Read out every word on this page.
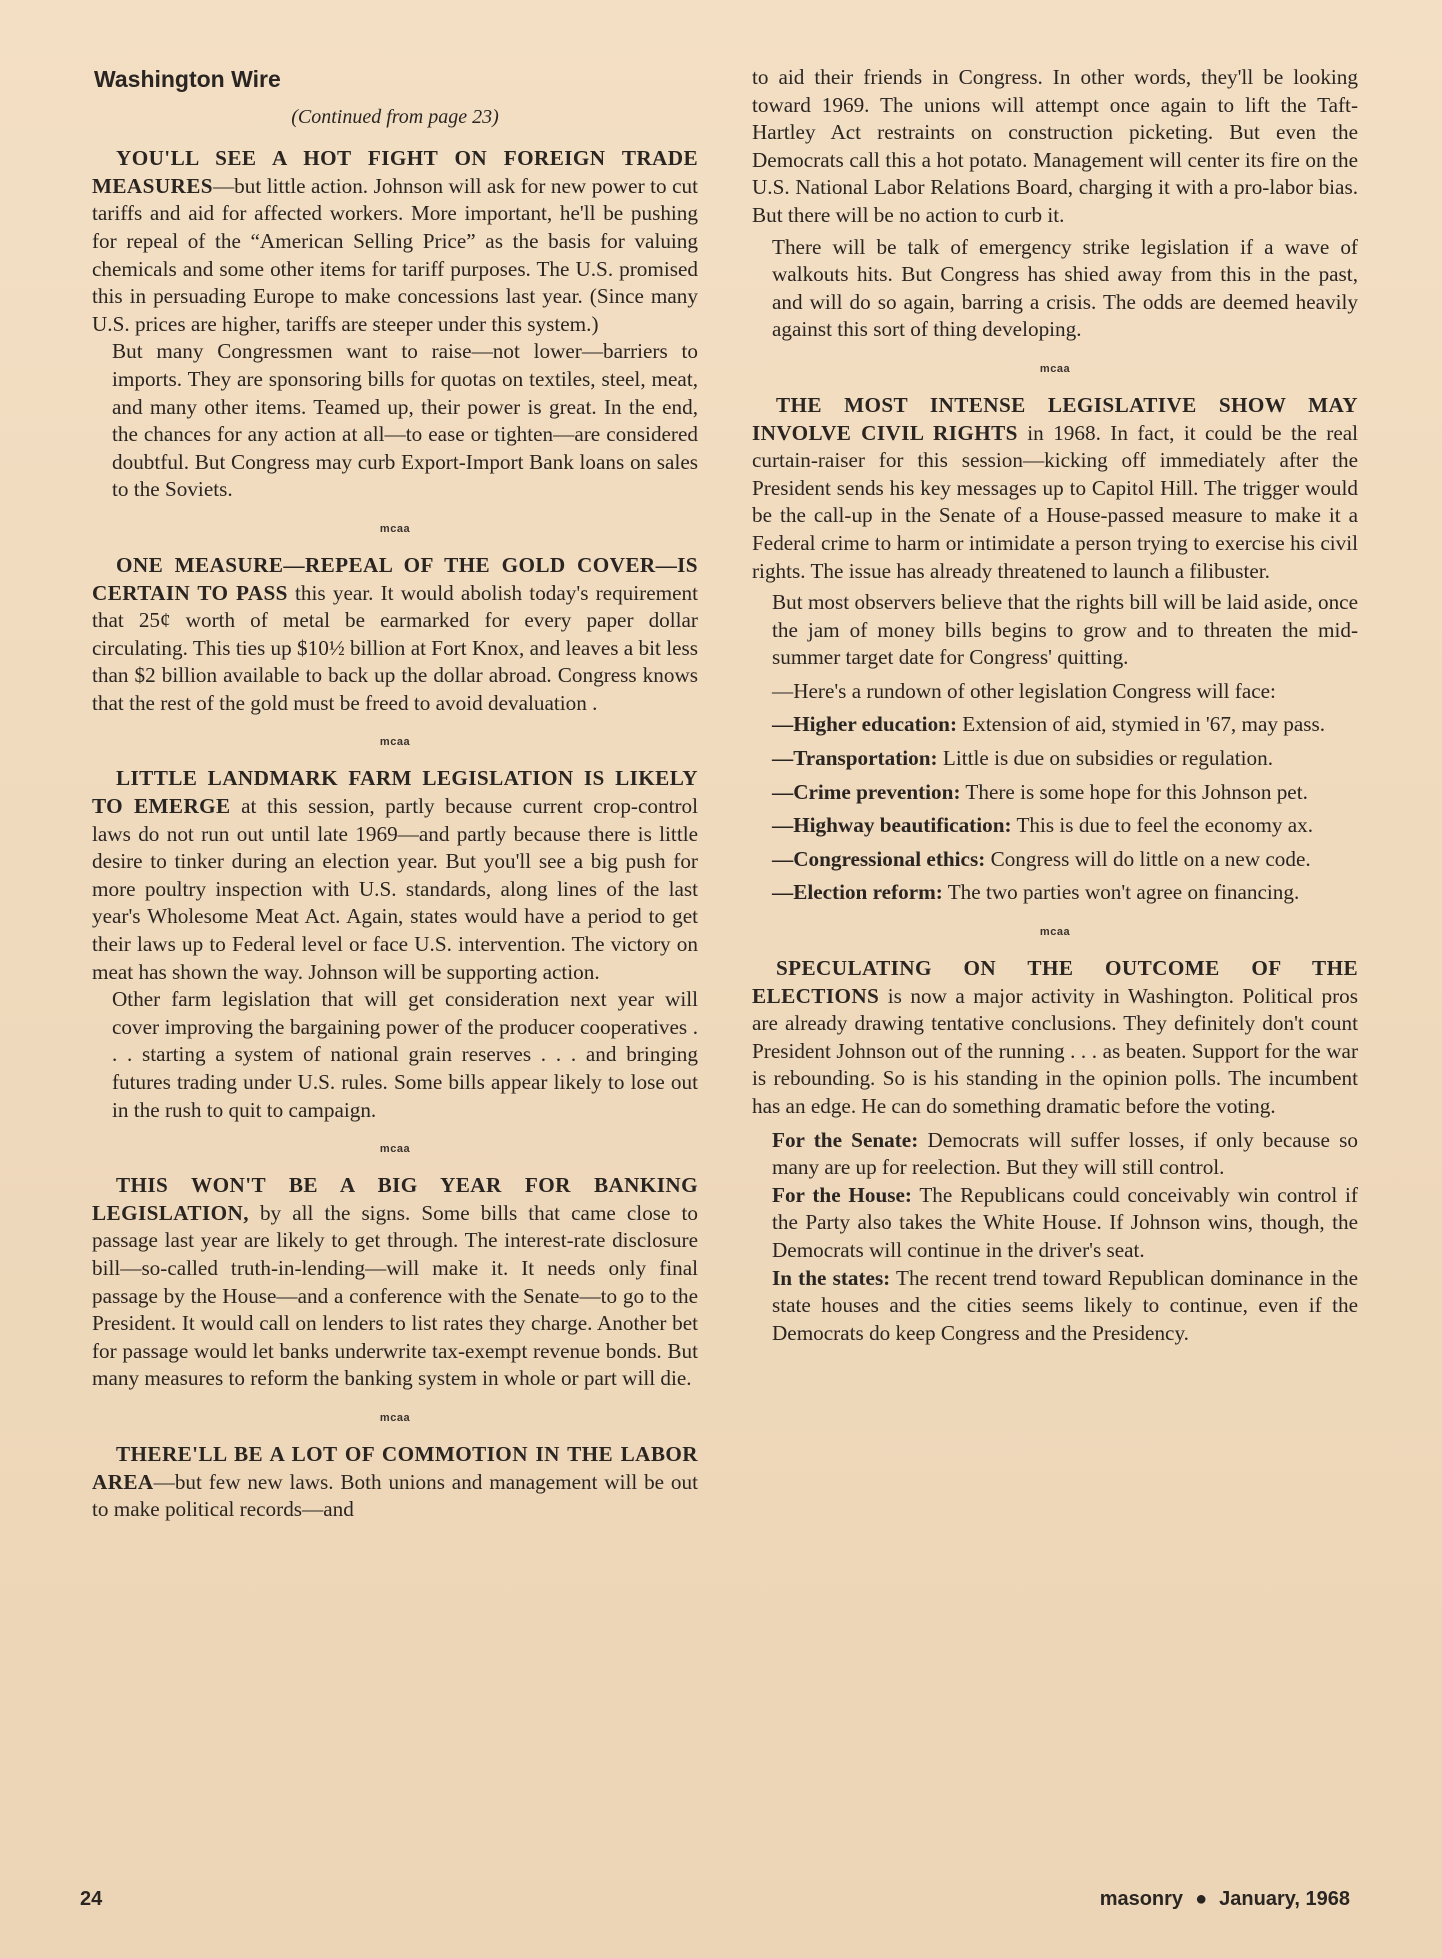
Washington Wire

(Continued from page 23)

YOU'LL SEE A HOT FIGHT ON FOREIGN TRADE MEASURES—but little action. Johnson will ask for new power to cut tariffs and aid for affected workers. More important, he'll be pushing for repeal of the “American Selling Price” as the basis for valuing chemicals and some other items for tariff purposes. The U.S. promised this in persuading Europe to make concessions last year. (Since many U.S. prices are higher, tariffs are steeper under this system.)

But many Congressmen want to raise—not lower—barriers to imports. They are sponsoring bills for quotas on textiles, steel, meat, and many other items. Teamed up, their power is great. In the end, the chances for any action at all—to ease or tighten—are considered doubtful. But Congress may curb Export-Import Bank loans on sales to the Soviets.

mcaa

ONE MEASURE—REPEAL OF THE GOLD COVER—IS CERTAIN TO PASS this year. It would abolish today's requirement that 25¢ worth of metal be earmarked for every paper dollar circulating. This ties up $10½ billion at Fort Knox, and leaves a bit less than $2 billion available to back up the dollar abroad. Congress knows that the rest of the gold must be freed to avoid devaluation .

mcaa

LITTLE LANDMARK FARM LEGISLATION IS LIKELY TO EMERGE at this session, partly because current crop-control laws do not run out until late 1969—and partly because there is little desire to tinker during an election year. But you'll see a big push for more poultry inspection with U.S. standards, along lines of the last year's Wholesome Meat Act. Again, states would have a period to get their laws up to Federal level or face U.S. intervention. The victory on meat has shown the way. Johnson will be supporting action.

Other farm legislation that will get consideration next year will cover improving the bargaining power of the producer cooperatives . . . starting a system of national grain reserves . . . and bringing futures trading under U.S. rules. Some bills appear likely to lose out in the rush to quit to campaign.

mcaa

THIS WON'T BE A BIG YEAR FOR BANKING LEGISLATION, by all the signs. Some bills that came close to passage last year are likely to get through. The interest-rate disclosure bill—so-called truth-in-lending—will make it. It needs only final passage by the House—and a conference with the Senate—to go to the President. It would call on lenders to list rates they charge. Another bet for passage would let banks underwrite tax-exempt revenue bonds. But many measures to reform the banking system in whole or part will die.

mcaa

THERE'LL BE A LOT OF COMMOTION IN THE LABOR AREA—but few new laws. Both unions and management will be out to make political records—and

to aid their friends in Congress. In other words, they'll be looking toward 1969. The unions will attempt once again to lift the Taft-Hartley Act restraints on construction picketing. But even the Democrats call this a hot potato. Management will center its fire on the U.S. National Labor Relations Board, charging it with a pro-labor bias. But there will be no action to curb it.

There will be talk of emergency strike legislation if a wave of walkouts hits. But Congress has shied away from this in the past, and will do so again, barring a crisis. The odds are deemed heavily against this sort of thing developing.

mcaa

THE MOST INTENSE LEGISLATIVE SHOW MAY INVOLVE CIVIL RIGHTS in 1968. In fact, it could be the real curtain-raiser for this session—kicking off immediately after the President sends his key messages up to Capitol Hill. The trigger would be the call-up in the Senate of a House-passed measure to make it a Federal crime to harm or intimidate a person trying to exercise his civil rights. The issue has already threatened to launch a filibuster.

But most observers believe that the rights bill will be laid aside, once the jam of money bills begins to grow and to threaten the mid-summer target date for Congress' quitting.

—Here's a rundown of other legislation Congress will face:

—Higher education: Extension of aid, stymied in '67, may pass.

—Transportation: Little is due on subsidies or regulation.

—Crime prevention: There is some hope for this Johnson pet.

—Highway beautification: This is due to feel the economy ax.

—Congressional ethics: Congress will do little on a new code.

—Election reform: The two parties won't agree on financing.

mcaa

SPECULATING ON THE OUTCOME OF THE ELECTIONS is now a major activity in Washington. Political pros are already drawing tentative conclusions. They definitely don't count President Johnson out of the running . . . as beaten. Support for the war is rebounding. So is his standing in the opinion polls. The incumbent has an edge. He can do something dramatic before the voting.

For the Senate: Democrats will suffer losses, if only because so many are up for reelection. But they will still control.

For the House: The Republicans could conceivably win control if the Party also takes the White House. If Johnson wins, though, the Democrats will continue in the driver's seat.

In the states: The recent trend toward Republican dominance in the state houses and the cities seems likely to continue, even if the Democrats do keep Congress and the Presidency.

24	masonry ● January, 1968
